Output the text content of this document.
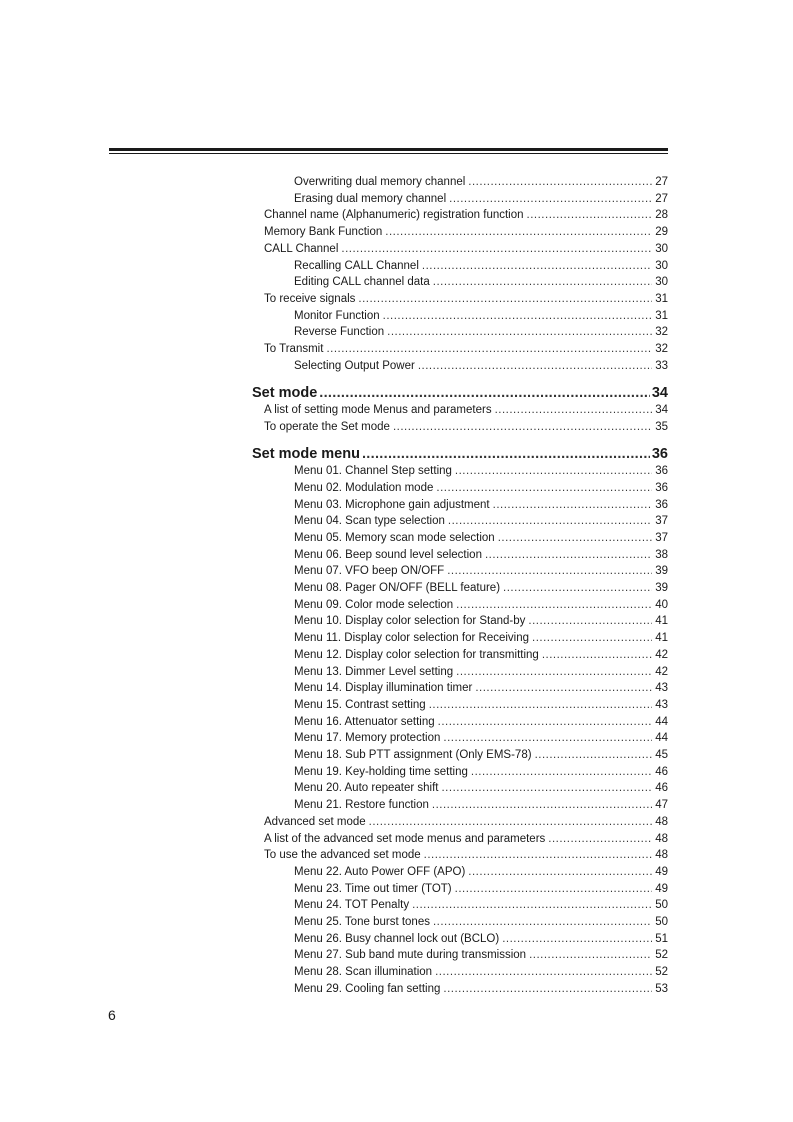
Overwriting dual memory channel .....	27
Erasing dual memory channel .....	27
Channel name (Alphanumeric) registration function .....	28
Memory Bank Function .....	29
CALL Channel .....	30
Recalling CALL Channel .....	30
Editing CALL channel data .....	30
To receive signals .....	31
Monitor Function .....	31
Reverse Function .....	32
To Transmit .....	32
Selecting Output Power .....	33
Set mode .....	34
A list of setting mode Menus and parameters .....	34
To operate the Set mode .....	35
Set mode menu .....	36
Menu 01. Channel Step setting .....	36
Menu 02. Modulation mode .....	36
Menu 03. Microphone gain adjustment .....	36
Menu 04. Scan type selection .....	37
Menu 05. Memory scan mode selection .....	37
Menu 06. Beep sound level selection .....	38
Menu 07. VFO beep ON/OFF .....	39
Menu 08. Pager ON/OFF (BELL feature) .....	39
Menu 09. Color mode selection .....	40
Menu 10. Display color selection for Stand-by .....	41
Menu 11. Display color selection for Receiving .....	41
Menu 12. Display color selection for transmitting .....	42
Menu 13. Dimmer Level setting .....	42
Menu 14. Display illumination timer .....	43
Menu 15. Contrast setting .....	43
Menu 16. Attenuator setting .....	44
Menu 17. Memory protection .....	44
Menu 18. Sub PTT assignment (Only EMS-78) .....	45
Menu 19. Key-holding time setting .....	46
Menu 20. Auto repeater shift .....	46
Menu 21. Restore function .....	47
Advanced set mode .....	48
A list of the advanced set mode menus and parameters .....	48
To use the advanced set mode .....	48
Menu 22. Auto Power OFF (APO) .....	49
Menu 23. Time out timer (TOT) .....	49
Menu 24. TOT Penalty .....	50
Menu 25. Tone burst tones .....	50
Menu 26. Busy channel lock out (BCLO) .....	51
Menu 27. Sub band mute during transmission .....	52
Menu 28. Scan illumination .....	52
Menu 29. Cooling fan setting .....	53
6
